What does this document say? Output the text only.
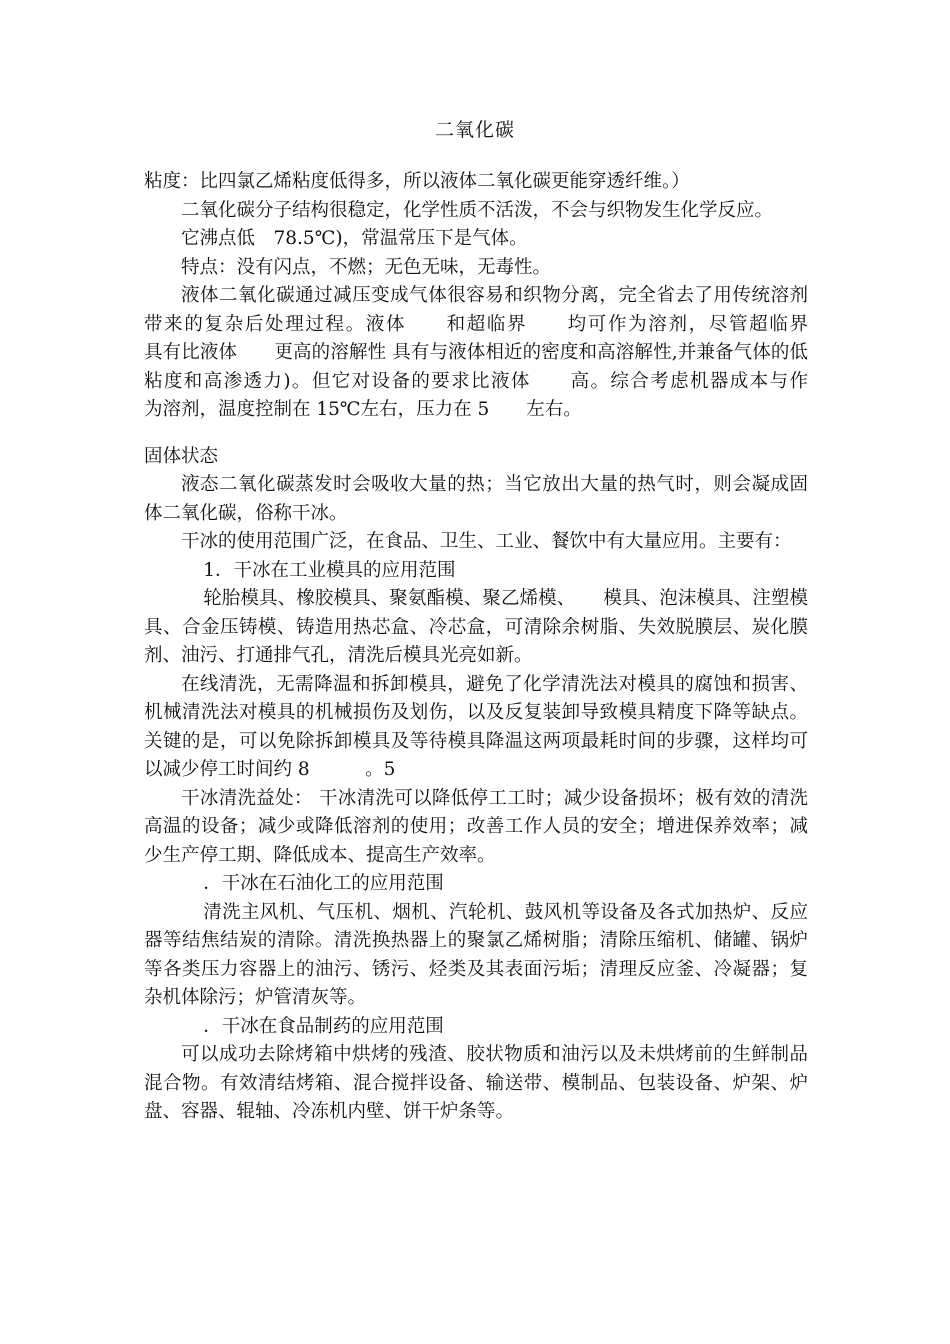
二氧化碳

粘度：比四氯乙烯粘度低得多，所以液体二氧化碳更能穿透纤维。）

二氧化碳分子结构很稳定，化学性质不活泼，不会与织物发生化学反应。

它沸点低　78.5℃)，常温常压下是气体。

特点：没有闪点，不燃；无色无味，无毒性。

液体二氧化碳通过减压变成气体很容易和织物分离，完全省去了用传统溶剂带来的复杂后处理过程。液体　　和超临界　　均可作为溶剂，尽管超临界　　具有比液体　　更高的溶解性 具有与液体相近的密度和高溶解性,并兼备气体的低粘度和高渗透力)。但它对设备的要求比液体　　高。综合考虑机器成本与作　　为溶剂，温度控制在 15℃左右，压力在 5　　左右。

固体状态

液态二氧化碳蒸发时会吸收大量的热；当它放出大量的热气时，则会凝成固体二氧化碳，俗称干冰。

干冰的使用范围广泛，在食品、卫生、工业、餐饮中有大量应用。主要有：

1．干冰在工业模具的应用范围

轮胎模具、橡胶模具、聚氨酯模、聚乙烯模、　　模具、泡沫模具、注塑模具、合金压铸模、铸造用热芯盒、冷芯盒，可清除余树脂、失效脱膜层、炭化膜剂、油污、打通排气孔，清洗后模具光亮如新。

在线清洗，无需降温和拆卸模具，避免了化学清洗法对模具的腐蚀和损害、机械清洗法对模具的机械损伤及划伤，以及反复装卸导致模具精度下降等缺点。关键的是，可以免除拆卸模具及等待模具降温这两项最耗时间的步骤，这样均可以减少停工时间约 8　　　。5

干冰清洗益处： 干冰清洗可以降低停工工时；减少设备损坏；极有效的清洗高温的设备；减少或降低溶剂的使用；改善工作人员的安全；增进保养效率；减少生产停工期、降低成本、提高生产效率。

．干冰在石油化工的应用范围

清洗主风机、气压机、烟机、汽轮机、鼓风机等设备及各式加热炉、反应器等结焦结炭的清除。清洗换热器上的聚氯乙烯树脂；清除压缩机、储罐、锅炉等各类压力容器上的油污、锈污、烃类及其表面污垢；清理反应釜、冷凝器；复杂机体除污；炉管清灰等。

．干冰在食品制药的应用范围

可以成功去除烤箱中烘烤的残渣、胶状物质和油污以及未烘烤前的生鲜制品混合物。有效清结烤箱、混合搅拌设备、输送带、模制品、包装设备、炉架、炉盘、容器、辊轴、冷冻机内壁、饼干炉条等。
